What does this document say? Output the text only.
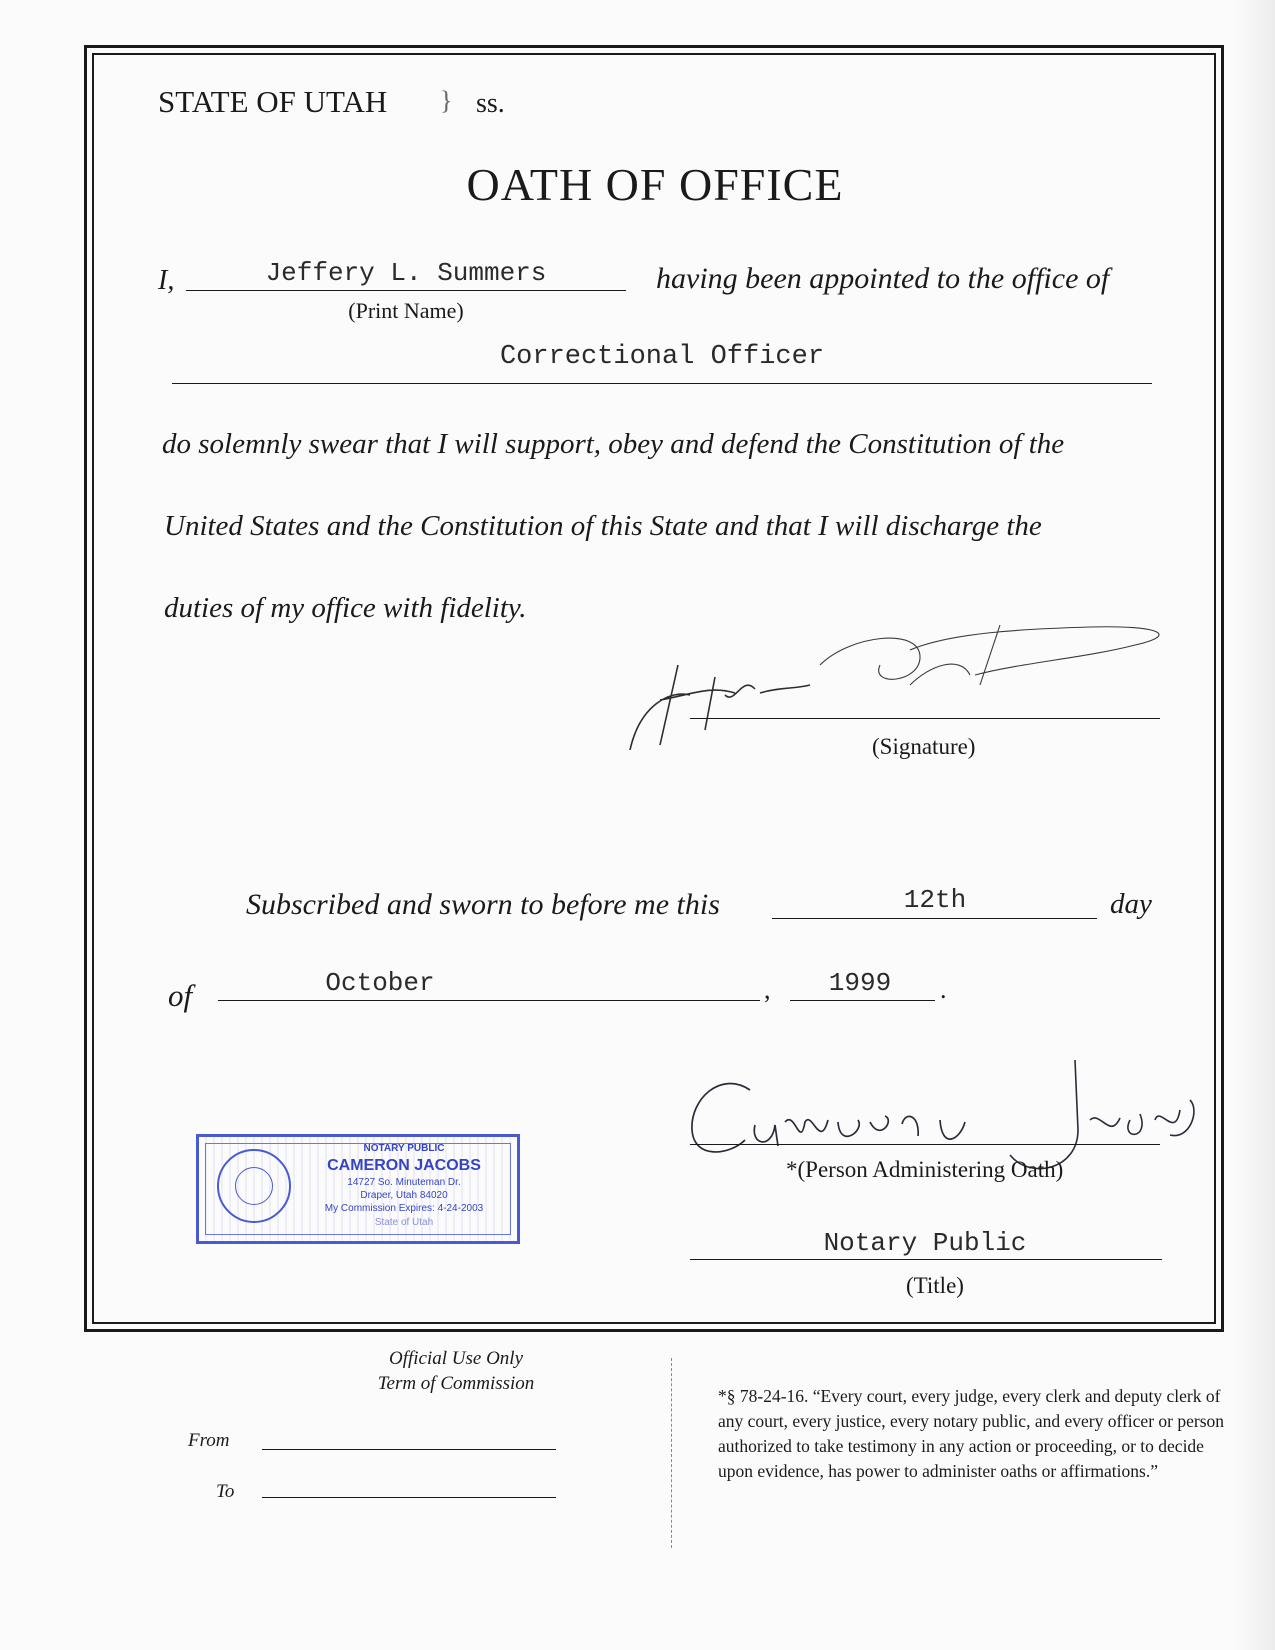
STATE OF UTAH } ss.
OATH OF OFFICE
I,	Jeffery L. Summers	having been appointed to the office of
(Print Name)
Correctional Officer
do solemnly swear that I will support, obey and defend the Constitution of the
United States and the Constitution of this State and that I will discharge the
duties of my office with fidelity.
(Signature)
Subscribed and sworn to before me this	12th	day
of	October	,	1999	.
*(Person Administering Oath)
Notary Public
(Title)
NOTARY PUBLIC
CAMERON JACOBS
14727 So. Minuteman Dr.
Draper, Utah 84020
My Commission Expires: 4-24-2003
State of Utah
Official Use Only
Term of Commission
From
To
*§ 78-24-16. “Every court, every judge, every clerk and deputy clerk of any court, every justice, every notary public, and every officer or person authorized to take testimony in any action or proceeding, or to decide upon evidence, has power to administer oaths or affirmations.”
